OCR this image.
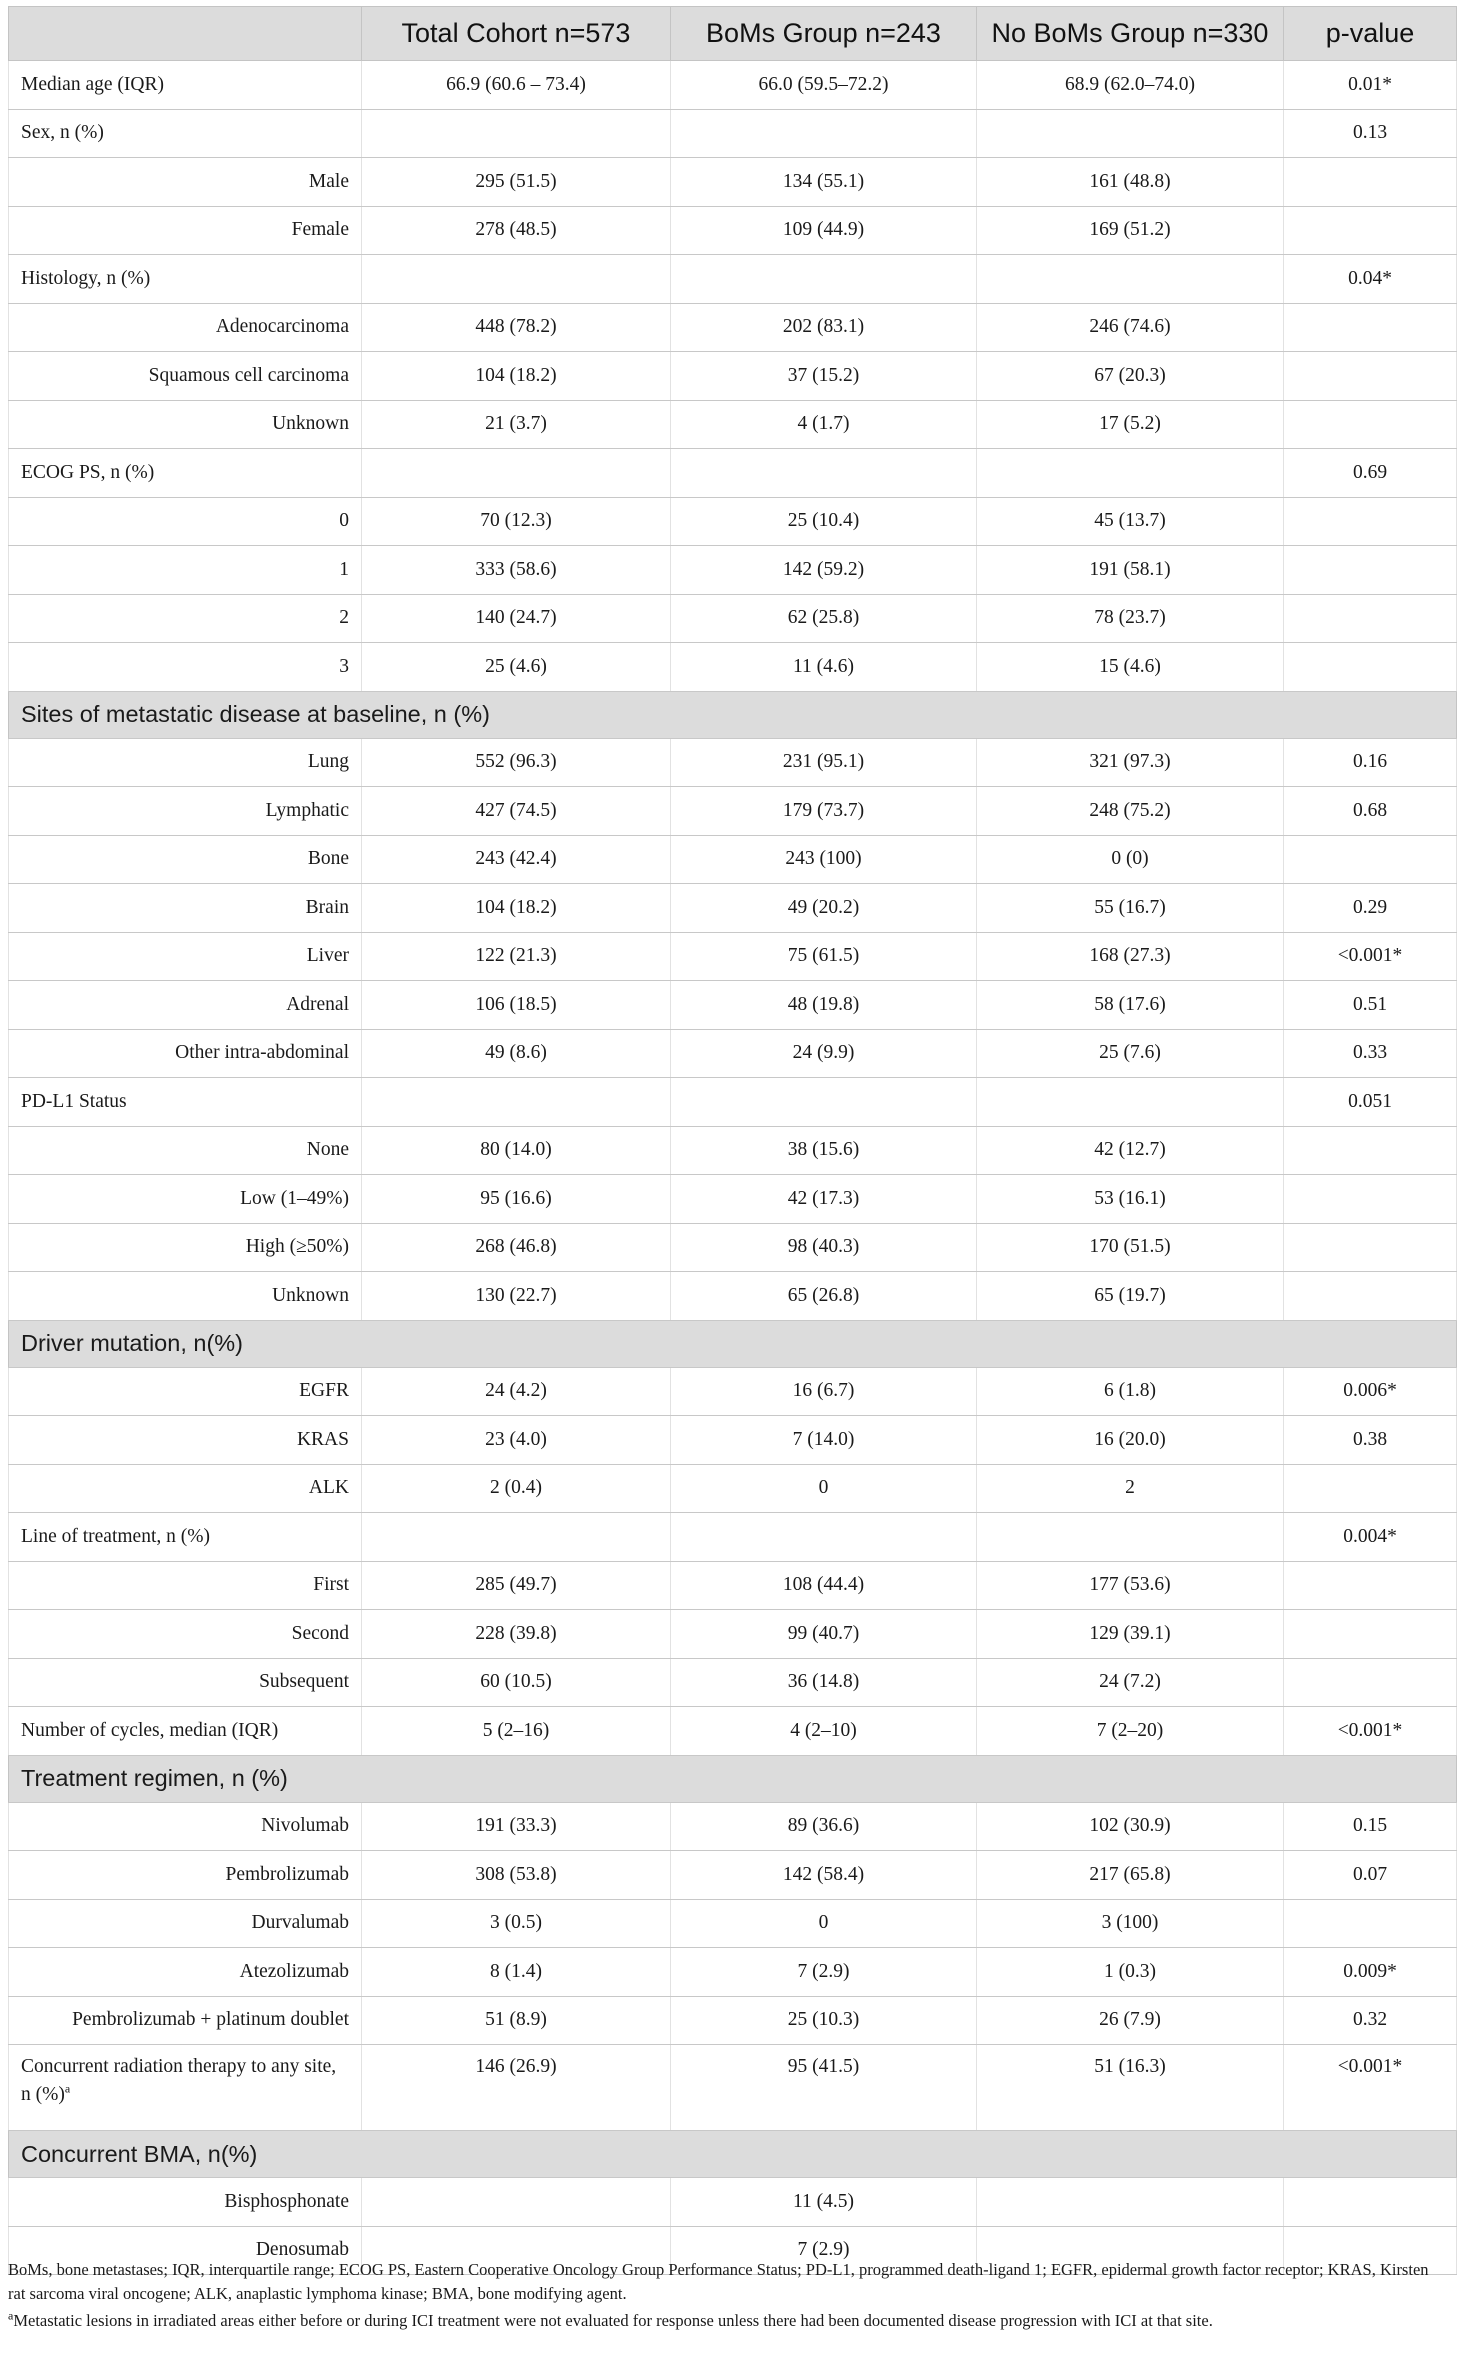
	Total Cohort n=573	BoMs Group n=243	No BoMs Group n=330	p-value
Median age (IQR)	66.9 (60.6 – 73.4)	66.0 (59.5–72.2)	68.9 (62.0–74.0)	0.01*
Sex, n (%)				0.13
Male	295 (51.5)	134 (55.1)	161 (48.8)	
Female	278 (48.5)	109 (44.9)	169 (51.2)	
Histology, n (%)				0.04*
Adenocarcinoma	448 (78.2)	202 (83.1)	246 (74.6)	
Squamous cell carcinoma	104 (18.2)	37 (15.2)	67 (20.3)	
Unknown	21 (3.7)	4 (1.7)	17 (5.2)	
ECOG PS, n (%)				0.69
0	70 (12.3)	25 (10.4)	45 (13.7)	
1	333 (58.6)	142 (59.2)	191 (58.1)	
2	140 (24.7)	62 (25.8)	78 (23.7)	
3	25 (4.6)	11 (4.6)	15 (4.6)	
Sites of metastatic disease at baseline, n (%)				
Lung	552 (96.3)	231 (95.1)	321 (97.3)	0.16
Lymphatic	427 (74.5)	179 (73.7)	248 (75.2)	0.68
Bone	243 (42.4)	243 (100)	0 (0)	
Brain	104 (18.2)	49 (20.2)	55 (16.7)	0.29
Liver	122 (21.3)	75 (61.5)	168 (27.3)	<0.001*
Adrenal	106 (18.5)	48 (19.8)	58 (17.6)	0.51
Other intra-abdominal	49 (8.6)	24 (9.9)	25 (7.6)	0.33
PD-L1 Status				0.051
None	80 (14.0)	38 (15.6)	42 (12.7)	
Low (1–49%)	95 (16.6)	42 (17.3)	53 (16.1)	
High (≥50%)	268 (46.8)	98 (40.3)	170 (51.5)	
Unknown	130 (22.7)	65 (26.8)	65 (19.7)	
Driver mutation, n(%)				
EGFR	24 (4.2)	16 (6.7)	6 (1.8)	0.006*
KRAS	23 (4.0)	7 (14.0)	16 (20.0)	0.38
ALK	2 (0.4)	0	2	
Line of treatment, n (%)				0.004*
First	285 (49.7)	108 (44.4)	177 (53.6)	
Second	228 (39.8)	99 (40.7)	129 (39.1)	
Subsequent	60 (10.5)	36 (14.8)	24 (7.2)	
Number of cycles, median (IQR)	5 (2–16)	4 (2–10)	7 (2–20)	<0.001*
Treatment regimen, n (%)				
Nivolumab	191 (33.3)	89 (36.6)	102 (30.9)	0.15
Pembrolizumab	308 (53.8)	142 (58.4)	217 (65.8)	0.07
Durvalumab	3 (0.5)	0	3 (100)	
Atezolizumab	8 (1.4)	7 (2.9)	1 (0.3)	0.009*
Pembrolizumab + platinum doublet	51 (8.9)	25 (10.3)	26 (7.9)	0.32
Concurrent radiation therapy to any site, n (%)$^a$	146 (26.9)	95 (41.5)	51 (16.3)	<0.001*
Concurrent BMA, n(%)				
Bisphosphonate		11 (4.5)		
Denosumab		7 (2.9)		
BoMs, bone metastases; IQR, interquartile range; ECOG PS, Eastern Cooperative Oncology Group Performance Status; PD-L1, programmed death-ligand 1; EGFR, epidermal growth factor receptor; KRAS, Kirsten rat sarcoma viral oncogene; ALK, anaplastic lymphoma kinase; BMA, bone modifying agent.
$^a$Metastatic lesions in irradiated areas either before or during ICI treatment were not evaluated for response unless there had been documented disease progression with ICI at that site.
